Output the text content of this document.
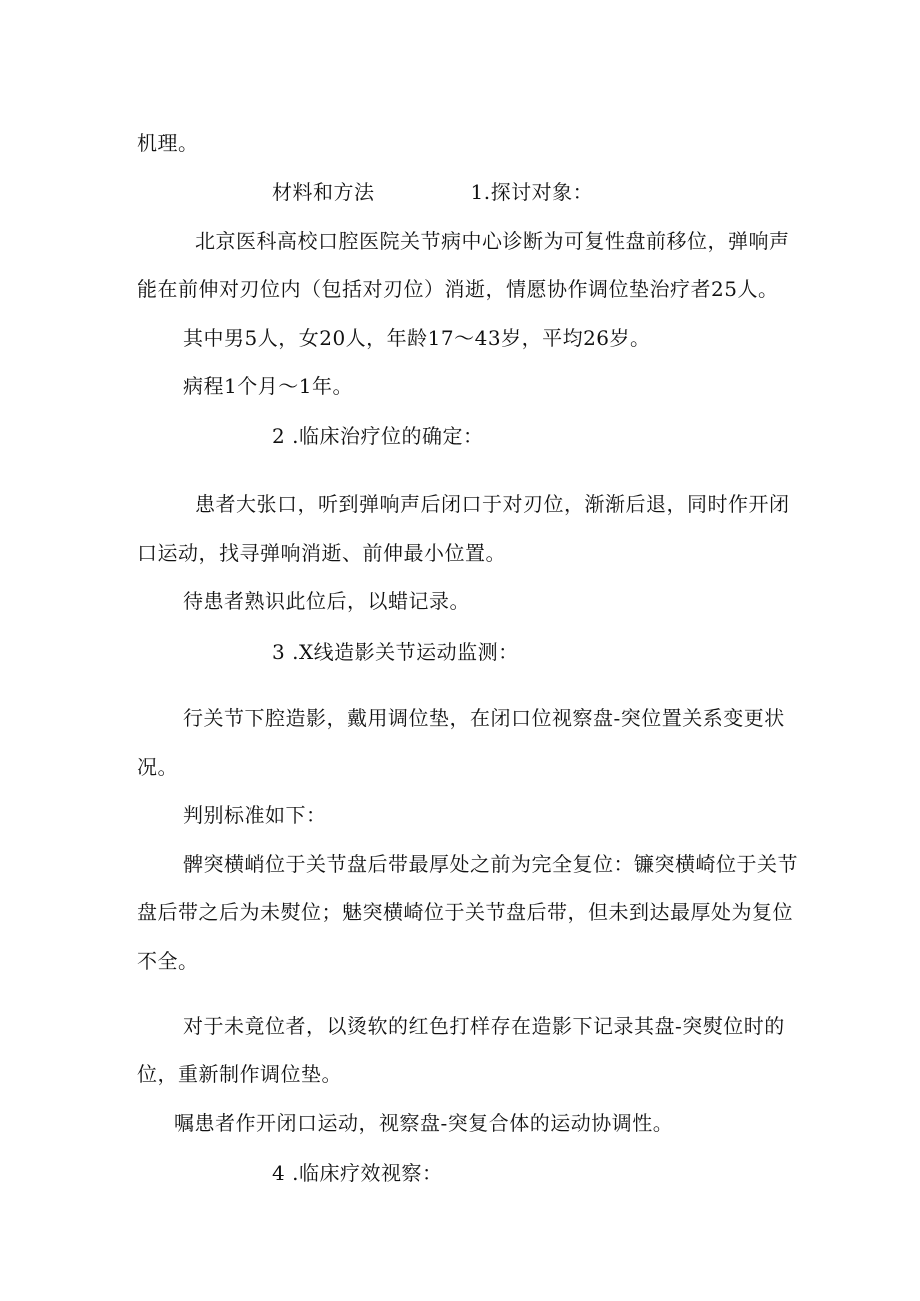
机理。
材料和方法	1.探讨对象：
北京医科高校口腔医院关节病中心诊断为可复性盘前移位，弹响声
能在前伸对刃位内（包括对刃位）消逝，情愿协作调位垫治疗者25人。
其中男5人，女20人，年龄17～43岁，平均26岁。
病程1个月～1年。
2 .临床治疗位的确定：
患者大张口，听到弹响声后闭口于对刃位，渐渐后退，同时作开闭
口运动，找寻弹响消逝、前伸最小位置。
待患者熟识此位后，以蜡记录。
3 .X线造影关节运动监测：
行关节下腔造影，戴用调位垫，在闭口位视察盘-突位置关系变更状
况。
判别标准如下：
髀突横峭位于关节盘后带最厚处之前为完全复位：镰突横崎位于关节
盘后带之后为未熨位；魅突横崎位于关节盘后带，但未到达最厚处为复位
不全。
对于未竟位者，以烫软的红色打样存在造影下记录其盘-突熨位时的
位，重新制作调位垫。
嘱患者作开闭口运动，视察盘-突复合体的运动协调性。
4 .临床疗效视察：
